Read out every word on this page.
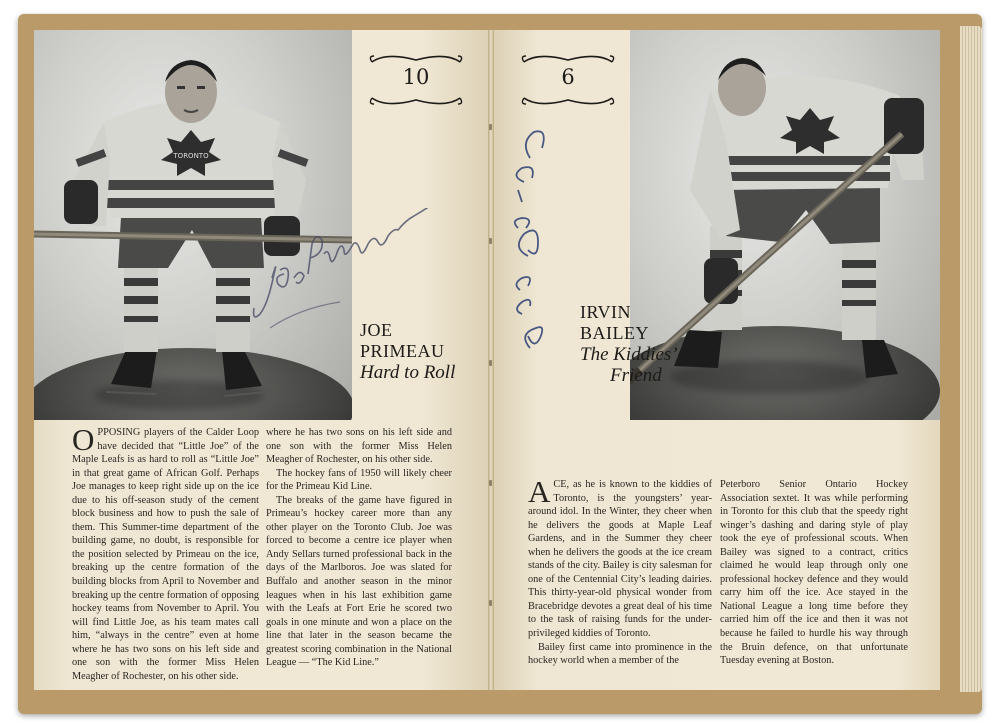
TORONTO
10
JOE
PRIMEAU
Hard to Roll

OPPOSING players of the Calder Loop have decided that “Little Joe” of the Maple Leafs is as hard to roll as “Little Joe” in that great game of African Golf. Perhaps Joe manages to keep right side up on the ice due to his off-season study of the cement block business and how to push the sale of them. This Summer-time department of the building game, no doubt, is responsible for the position selected by Primeau on the ice, breaking up the centre formation of the building blocks from April to November and breaking up the centre formation of opposing hockey teams from November to April. You will find Little Joe, as his team mates call him, “always in the centre” even at home where he has two sons on his left side and one son with the former Miss Helen Meagher of Rochester, on his other side.

where he has two sons on his left side and one son with the former Miss Helen Meagher of Rochester, on his other side.

The hockey fans of 1950 will likely cheer for the Primeau Kid Line.

The breaks of the game have figured in Primeau’s hockey career more than any other player on the Toronto Club. Joe was forced to become a centre ice player when Andy Sellars turned professional back in the days of the Marlboros. Joe was slated for Buffalo and another season in the minor leagues when in his last exhibition game with the Leafs at Fort Erie he scored two goals in one minute and won a place on the line that later in the season became the greatest scoring combination in the National League — “The Kid Line.”

6
IRVIN
BAILEY
The Kiddies’
Friend

ACE, as he is known to the kiddies of Toronto, is the youngsters’ year-around idol. In the Winter, they cheer when he delivers the goods at Maple Leaf Gardens, and in the Summer they cheer when he delivers the goods at the ice cream stands of the city. Bailey is city salesman for one of the Centennial City’s leading dairies. This thirty-year-old physical wonder from Bracebridge devotes a great deal of his time to the task of raising funds for the under-privileged kiddies of Toronto.

Bailey first came into prominence in the hockey world when a member of the

Peterboro Senior Ontario Hockey Association sextet. It was while performing in Toronto for this club that the speedy right winger’s dashing and daring style of play took the eye of professional scouts. When Bailey was signed to a contract, critics claimed he would leap through only one professional hockey defence and they would carry him off the ice. Ace stayed in the National League a long time before they carried him off the ice and then it was not because he failed to hurdle his way through the Bruin defence, on that unfortunate Tuesday evening at Boston.
